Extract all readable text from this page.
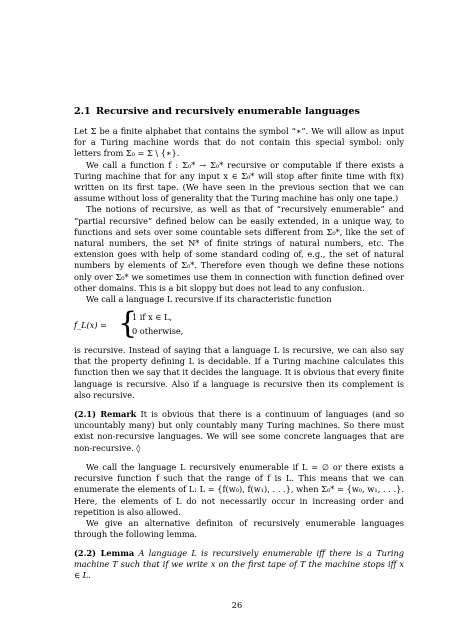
2.1 Recursive and recursively enumerable languages

Let Σ be a finite alphabet that contains the symbol “∗”. We will allow as input for a Turing machine words that do not contain this special symbol: only letters from Σ₀ = Σ \ {∗}.

We call a function f : Σ₀* → Σ₀* recursive or computable if there exists a Turing machine that for any input x ∈ Σ₀* will stop after finite time with f(x) written on its first tape. (We have seen in the previous section that we can assume without loss of generality that the Turing machine has only one tape.)

The notions of recursive, as well as that of “recursively enumerable” and “partial recursive” defined below can be easily extended, in a unique way, to functions and sets over some countable sets different from Σ₀*, like the set of natural numbers, the set N* of finite strings of natural numbers, etc. The extension goes with help of some standard coding of, e.g., the set of natural numbers by elements of Σ₀*. Therefore even though we define these notions only over Σ₀* we sometimes use them in connection with function defined over other domains. This is a bit sloppy but does not lead to any confusion.

We call a language L recursive if its characteristic function

f_L(x) = {
1 if x ∈ L,
0 otherwise,

is recursive. Instead of saying that a language L is recursive, we can also say that the property defining L is decidable. If a Turing machine calculates this function then we say that it decides the language. It is obvious that every finite language is recursive. Also if a language is recursive then its complement is also recursive.

(2.1) Remark It is obvious that there is a continuum of languages (and so uncountably many) but only countably many Turing machines. So there must exist non-recursive languages. We will see some concrete languages that are non-recursive. ◊

We call the language L recursively enumerable if L = ∅ or there exists a recursive function f such that the range of f is L. This means that we can enumerate the elements of L: L = {f(w₀), f(w₁), . . .}, when Σ₀* = {w₀, w₁, . . .}. Here, the elements of L do not necessarily occur in increasing order and repetition is also allowed.

We give an alternative definiton of recursively enumerable languages through the following lemma.

(2.2) Lemma A language L is recursively enumerable iff there is a Turing machine T such that if we write x on the first tape of T the machine stops iff x ∈ L.

26
